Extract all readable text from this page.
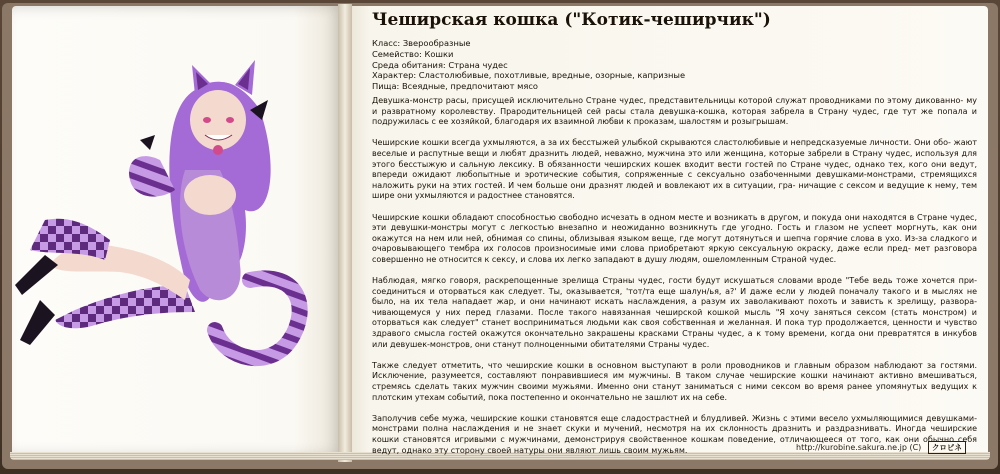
Чеширская кошка ("Котик-чеширчик")
Класс: Зверообразные
Семейство: Кошки
Среда обитания: Страна чудес
Характер: Сластолюбивые, похотливые, вредные, озорные, капризные
Пища: Всеядные, предпочитают мясо

Девушка-монстр расы, присущей исключительно Стране чудес, представительницы которой служат проводниками по этому дикованно- му и развратному королевству. Прародительницей сей расы стала девушка-кошка, которая забрела в Страну чудес, где тут же попала и подружилась с ее хозяйкой, благодаря их взаимной любви к проказам, шалостям и розыгрышам.

Чеширские кошки всегда ухмыляются, а за их бесстыжей улыбкой скрываются сластолюбивые и непредсказуемые личности. Они обо- жают веселые и распутные вещи и любят дразнить людей, неважно, мужчина это или женщина, которые забрели в Страну чудес, используя для этого бесстыжую и сальную лексику. В обязанности чеширских кошек входит вести гостей по Стране чудес, однако тех, кого они ведут, впереди ожидают любопытные и эротические события, сопряженные с сексуально озабоченными девушками-монстрами, стремящихся наложить руки на этих гостей. И чем больше они дразнят людей и вовлекают их в ситуации, гра- ничащие с сексом и ведущие к нему, тем шире они ухмыляются и радостнее становятся.

Чеширские кошки обладают способностью свободно исчезать в одном месте и возникать в другом, и покуда они находятся в Стране чудес, эти девушки-монстры могут с легкостью внезапно и неожиданно возникнуть где угодно. Гость и глазом не успеет моргнуть, как они окажутся на нем или ней, обнимая со спины, облизывая языком веще, где могут дотянуться и шепча горячие слова в ухо. Из-за сладкого и очаровывающего тембра их голосов произносимые ими слова приобретают яркую сексуальную окраску, даже если пред- мет разговора совершенно не относится к сексу, и слова их легко западают в душу людям, ошеломленным Страной чудес.

Наблюдая, мягко говоря, раскрепощенные зрелища Страны чудес, гости будут искушаться словами вроде "Тебе ведь тоже хочется при- соединиться и оторваться как следует. Ты, оказывается, 'тот/та еще шалун/ья, а?' И даже если у людей поначалу такого и в мыслях не было, на их тела нападает жар, и они начинают искать наслаждения, а разум их заволакивают похоть и зависть к зрелищу, развора- чивающемуся у них перед глазами. После такого навязанная чеширской кошкой мысль "Я хочу заняться сексом (стать монстром) и оторваться как следует" станет восприниматься людьми как своя собственная и желанная. И пока тур продолжается, ценности и чувство здравого смысла гостей окажутся окончательно закрашены красками Страны чудес, а к тому времени, когда они превратятся в инкубов или девушек-монстров, они станут полноценными обитателями Страны чудес.

Также следует отметить, что чеширские кошки в основном выступают в роли проводников и главным образом наблюдают за гостями. Исключение, разумеется, составляют понравившиеся им мужчины. В таком случае чеширские кошки начинают активно вмешиваться, стремясь сделать таких мужчин своими мужьями. Именно они станут заниматься с ними сексом во время ранее упомянутых ведущих к плотским утехам событий, пока постепенно и окончательно не зашлют их на себе.

Заполучив себе мужа, чеширские кошки становятся еще сладострастней и блудливей. Жизнь с этими весело ухмыляющимися девушками-монстрами полна наслаждения и не знает скуки и мучений, несмотря на их склонность дразнить и раздразнивать. Иногда чеширские кошки становятся игривыми с мужчинами, демонстрируя свойственное кошкам поведение, отличающееся от того, как они обычно себя ведут, однако эту сторону своей натуры они являют лишь своим мужьям.	http://kurobine.sakura.ne.jp (C) クロビネ
